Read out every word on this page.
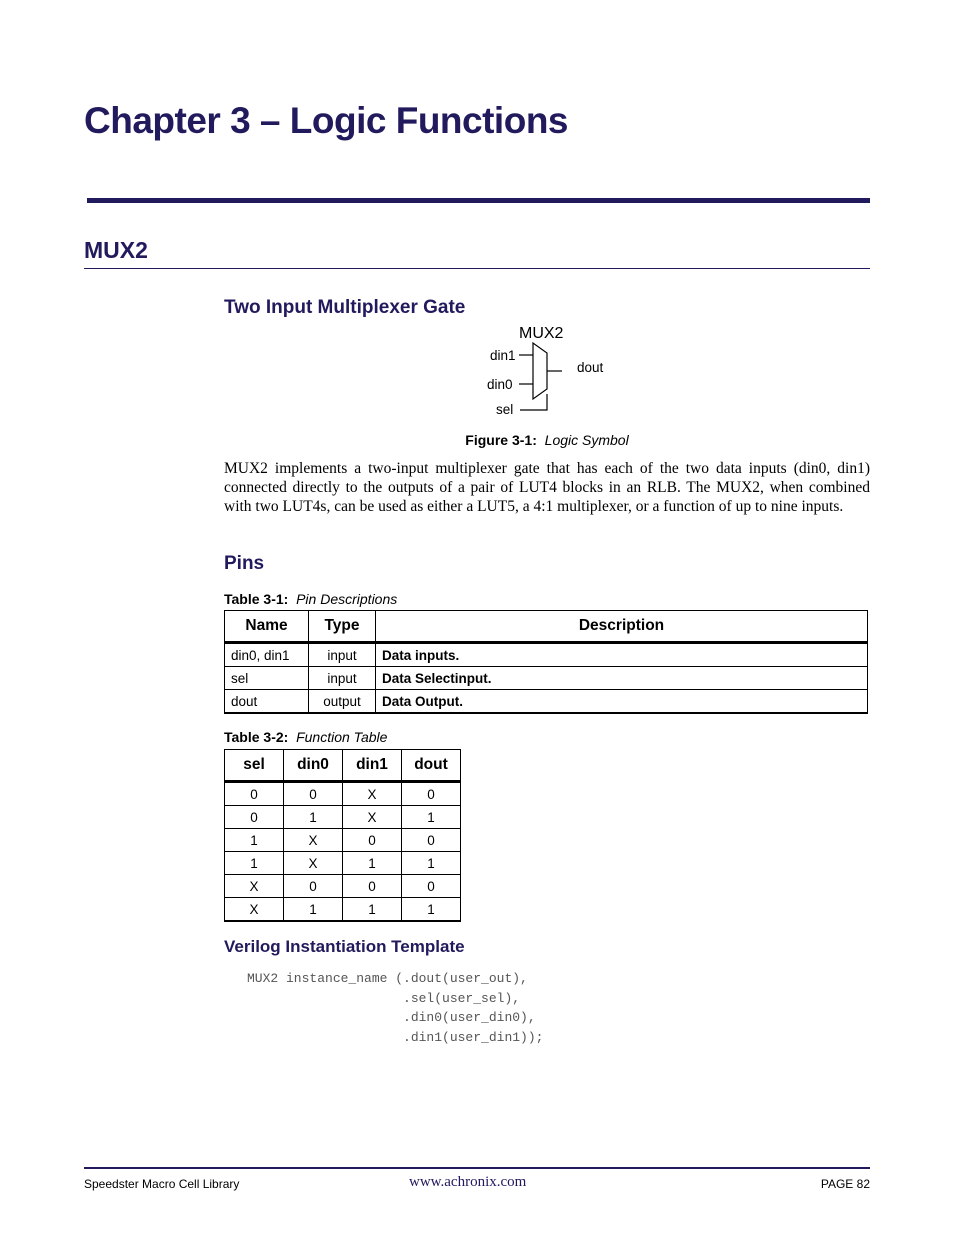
Chapter 3 – Logic Functions
MUX2
Two Input Multiplexer Gate
MUX2
din1
din0
sel
dout
Figure 3-1: Logic Symbol
MUX2 implements a two-input multiplexer gate that has each of the two data inputs (din0, din1) connected directly to the outputs of a pair of LUT4 blocks in an RLB. The MUX2, when combined with two LUT4s, can be used as either a LUT5, a 4:1 multiplexer, or a function of up to nine inputs.
Pins
Table 3-1: Pin Descriptions
Name	Type	Description
din0, din1	input	Data inputs.
sel	input	Data Selectinput.
dout	output	Data Output.
Table 3-2: Function Table
sel	din0	din1	dout
0	0	X	0
0	1	X	1
1	X	0	0
1	X	1	1
X	0	0	0
X	1	1	1
Verilog Instantiation Template
MUX2 instance_name (.dout(user_out),
.sel(user_sel),
.din0(user_din0),
.din1(user_din1));
Speedster Macro Cell Library	www.achronix.com	PAGE 82
